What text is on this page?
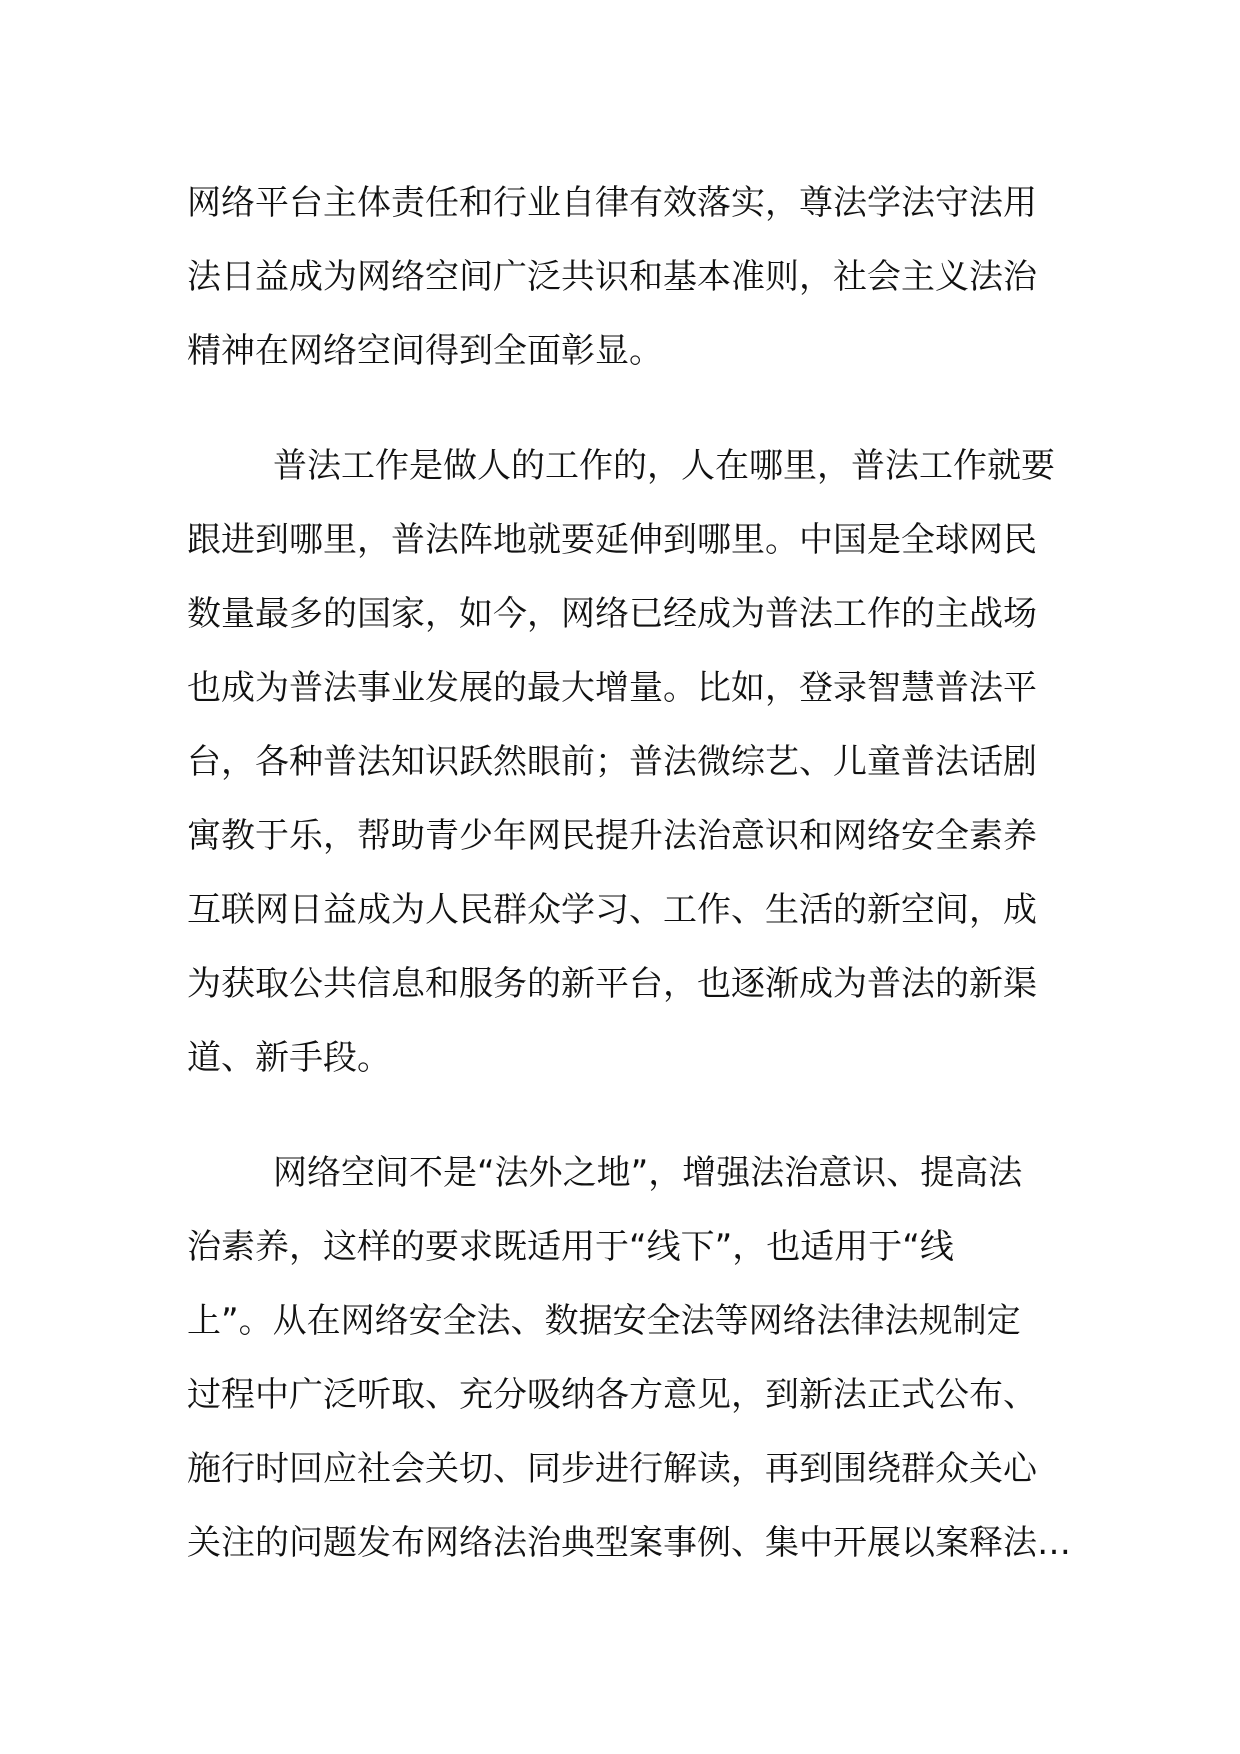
网络平台主体责任和行业自律有效落实，尊法学法守法用
法日益成为网络空间广泛共识和基本准则，社会主义法治
精神在网络空间得到全面彰显。
普法工作是做人的工作的，人在哪里，普法工作就要
跟进到哪里，普法阵地就要延伸到哪里。中国是全球网民
数量最多的国家，如今，网络已经成为普法工作的主战场
也成为普法事业发展的最大增量。比如，登录智慧普法平
台，各种普法知识跃然眼前；普法微综艺、儿童普法话剧
寓教于乐，帮助青少年网民提升法治意识和网络安全素养
互联网日益成为人民群众学习、工作、生活的新空间，成
为获取公共信息和服务的新平台，也逐渐成为普法的新渠
道、新手段。
网络空间不是“法外之地”，增强法治意识、提高法
治素养，这样的要求既适用于“线下”，也适用于“线
上”。从在网络安全法、数据安全法等网络法律法规制定
过程中广泛听取、充分吸纳各方意见，到新法正式公布、
施行时回应社会关切、同步进行解读，再到围绕群众关心
关注的问题发布网络法治典型案事例、集中开展以案释法…
